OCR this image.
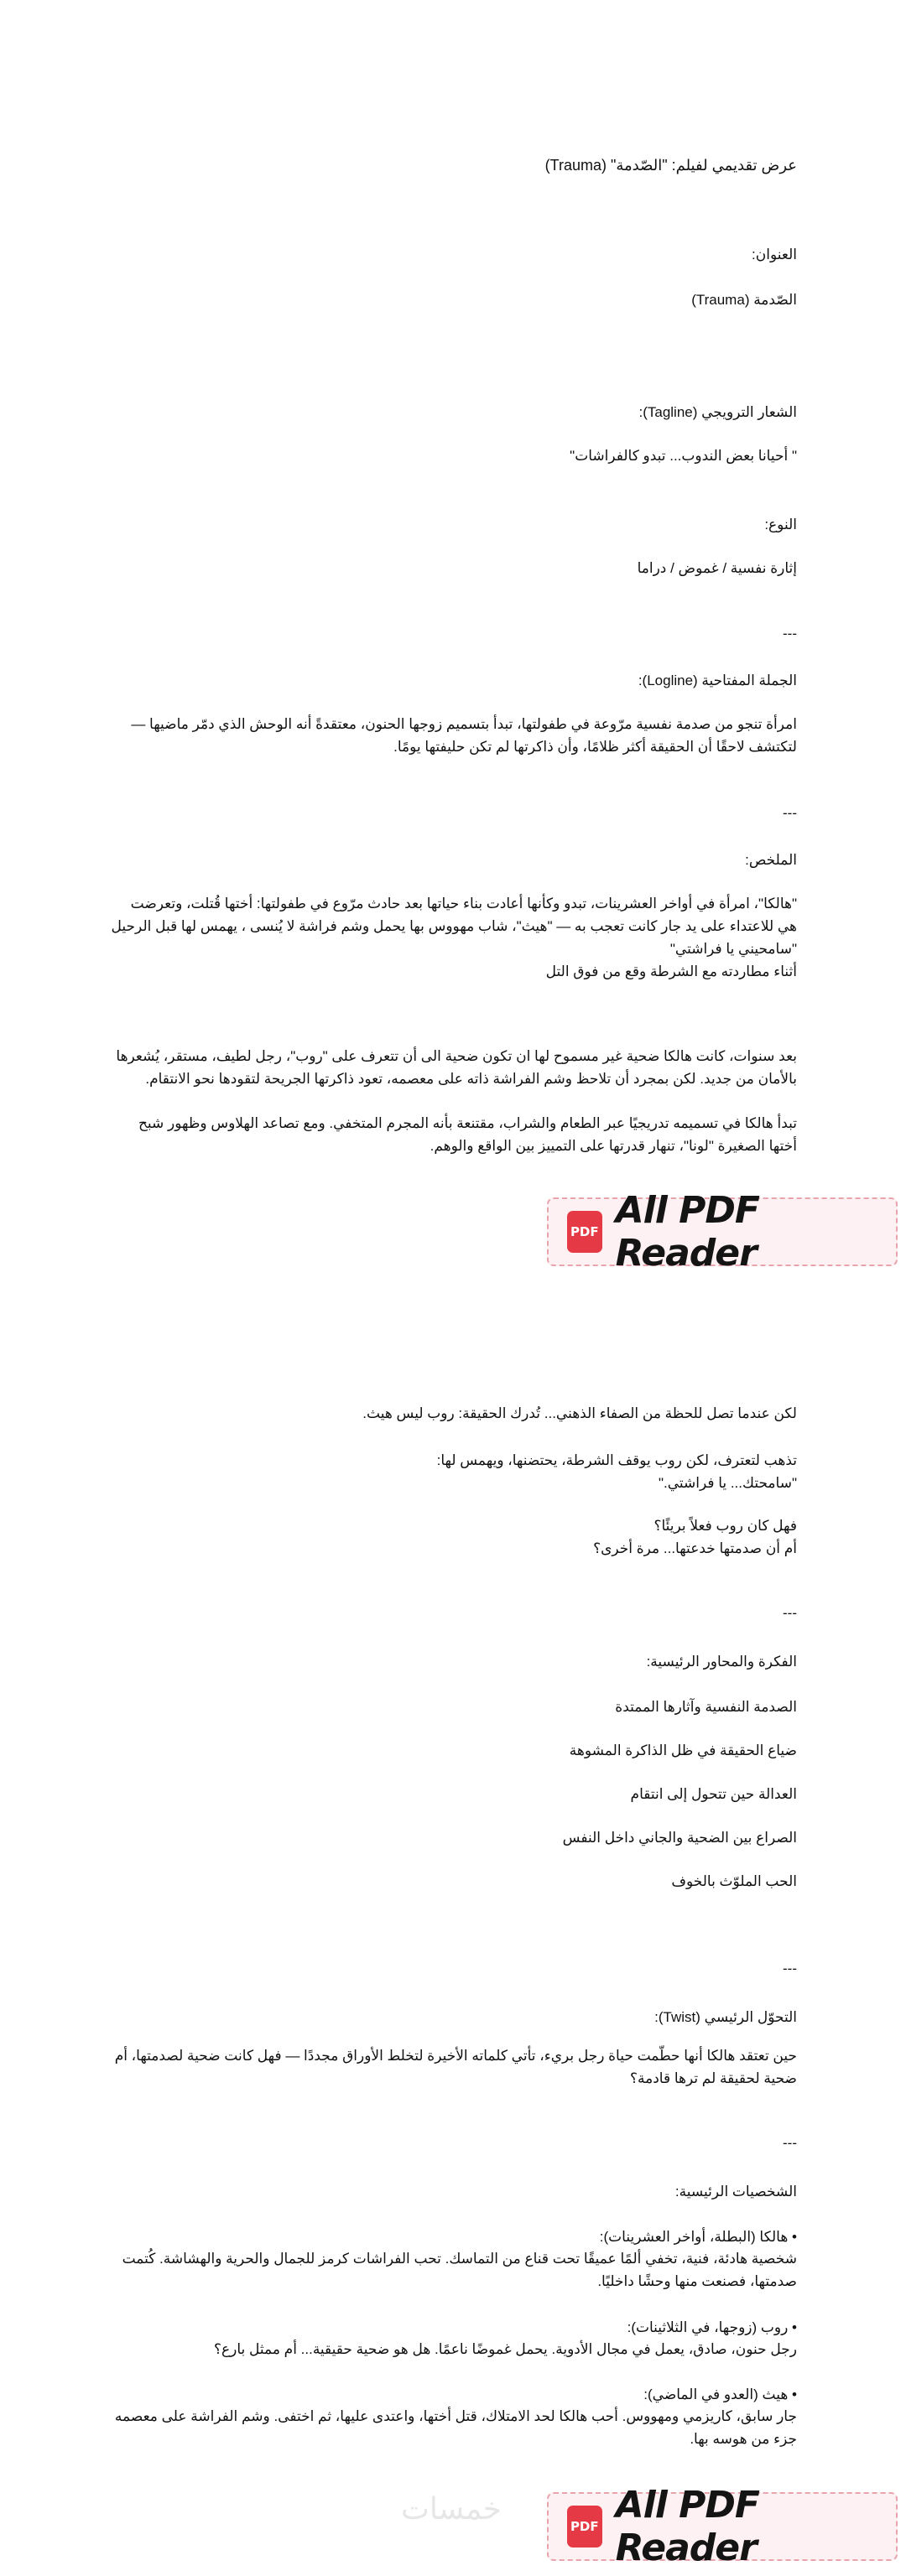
عرض تقديمي لفيلم: "الصّدمة" (Trauma)
العنوان:
الصّدمة (Trauma)
الشعار الترويجي (Tagline):
" أحيانا بعض الندوب... تبدو كالفراشات"
النوع:
إثارة نفسية / غموض / دراما
---
الجملة المفتاحية (Logline):
امرأة تنجو من صدمة نفسية مرّوعة في طفولتها، تبدأ بتسميم زوجها الحنون، معتقدةً أنه الوحش الذي دمّر ماضيها — لتكتشف لاحقًا أن الحقيقة أكثر ظلامًا، وأن ذاكرتها لم تكن حليفتها يومًا.
---
الملخص:
"هالكا"، امرأة في أواخر العشرينات، تبدو وكأنها أعادت بناء حياتها بعد حادث مرّوع في طفولتها: أختها قُتلت، وتعرضت هي للاعتداء على يد جار كانت تعجب به — "هيث"، شاب مهووس بها يحمل وشم فراشة لا يُنسى ، يهمس لها قبل الرحيل "سامحيني يا فراشتي"
أثناء مطاردته مع الشرطة وقع من فوق التل
بعد سنوات، كانت هالكا ضحية غير مسموح لها ان تكون ضحية الى أن تتعرف على "روب"، رجل لطيف، مستقر، يُشعرها بالأمان من جديد. لكن بمجرد أن تلاحظ وشم الفراشة ذاته على معصمه، تعود ذاكرتها الجريحة لتقودها نحو الانتقام.
تبدأ هالكا في تسميمه تدريجيًا عبر الطعام والشراب، مقتنعة بأنه المجرم المتخفي. ومع تصاعد الهلاوس وظهور شبح أختها الصغيرة "لونا"، تنهار قدرتها على التمييز بين الواقع والوهم.
PDF All PDF Reader
لكن عندما تصل للحظة من الصفاء الذهني... تُدرك الحقيقة: روب ليس هيث.
تذهب لتعترف، لكن روب يوقف الشرطة، يحتضنها، ويهمس لها:
"سامحتك... يا فراشتي."
فهل كان روب فعلاً بريئًا؟
أم أن صدمتها خدعتها... مرة أخرى؟
---
الفكرة والمحاور الرئيسية:
الصدمة النفسية وآثارها الممتدة
ضياع الحقيقة في ظل الذاكرة المشوهة
العدالة حين تتحول إلى انتقام
الصراع بين الضحية والجاني داخل النفس
الحب الملوّث بالخوف
---
التحوّل الرئيسي (Twist):
حين تعتقد هالكا أنها حطّمت حياة رجل بريء، تأتي كلماته الأخيرة لتخلط الأوراق مجددًا — فهل كانت ضحية لصدمتها، أم ضحية لحقيقة لم ترها قادمة؟
---
الشخصيات الرئيسية:
• هالكا (البطلة، أواخر العشرينات):
شخصية هادئة، فنية، تخفي ألمًا عميقًا تحت قناع من التماسك. تحب الفراشات كرمز للجمال والحرية والهشاشة. كُتمت صدمتها، فصنعت منها وحشًا داخليًا.
• روب (زوجها، في الثلاثينات):
رجل حنون، صادق، يعمل في مجال الأدوية. يحمل غموضًا ناعمًا. هل هو ضحية حقيقية... أم ممثل بارع؟
• هيث (العدو في الماضي):
جار سابق، كاريزمي ومهووس. أحب هالكا لحد الامتلاك، قتل أختها، واعتدى عليها، ثم اختفى. وشم الفراشة على معصمه جزء من هوسه بها.
PDF All PDF Reader
خمسات
